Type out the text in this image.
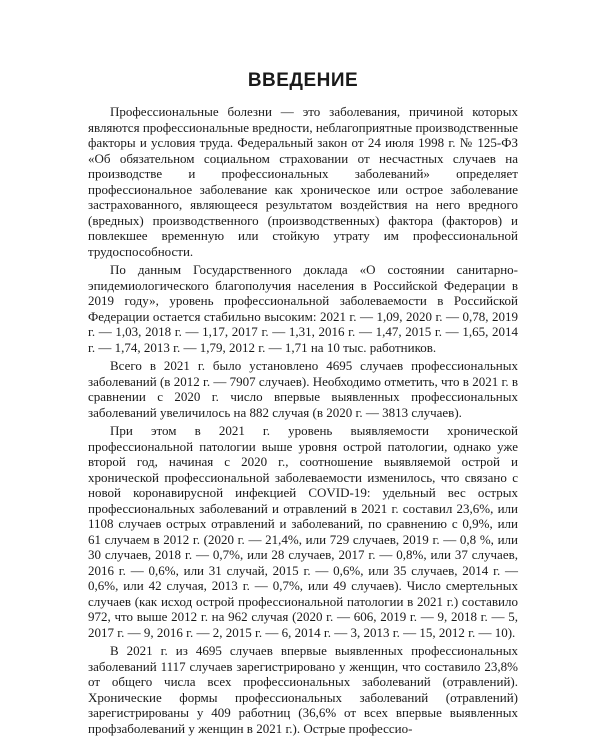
ВВЕДЕНИЕ

Профессиональные болезни — это заболевания, причиной которых являются профессиональные вредности, неблагоприятные производственные факторы и условия труда. Федеральный закон от 24 июля 1998 г. № 125-ФЗ «Об обязательном социальном страховании от несчастных случаев на производстве и профессиональных заболеваний» определяет профессиональное заболевание как хроническое или острое заболевание застрахованного, являющееся результатом воздействия на него вредного (вредных) производственного (производственных) фактора (факторов) и повлекшее временную или стойкую утрату им профессиональной трудоспособности.

По данным Государственного доклада «О состоянии санитарно-эпидемиологического благополучия населения в Российской Федерации в 2019 году», уровень профессиональной заболеваемости в Российской Федерации остается стабильно высоким: 2021 г. — 1,09, 2020 г. — 0,78, 2019 г. — 1,03, 2018 г. — 1,17, 2017 г. — 1,31, 2016 г. — 1,47, 2015 г. — 1,65, 2014 г. — 1,74, 2013 г. — 1,79, 2012 г. — 1,71 на 10 тыс. работников.

Всего в 2021 г. было установлено 4695 случаев профессиональных заболеваний (в 2012 г. — 7907 случаев). Необходимо отметить, что в 2021 г. в сравнении с 2020 г. число впервые выявленных профессиональных заболеваний увеличилось на 882 случая (в 2020 г. — 3813 случаев).

При этом в 2021 г. уровень выявляемости хронической профессиональной патологии выше уровня острой патологии, однако уже второй год, начиная с 2020 г., соотношение выявляемой острой и хронической профессиональной заболеваемости изменилось, что связано с новой коронавирусной инфекцией COVID-19: удельный вес острых профессиональных заболеваний и отравлений в 2021 г. составил 23,6%, или 1108 случаев острых отравлений и заболеваний, по сравнению с 0,9%, или 61 случаем в 2012 г. (2020 г. — 21,4%, или 729 случаев, 2019 г. — 0,8 %, или 30 случаев, 2018 г. — 0,7%, или 28 случаев, 2017 г. — 0,8%, или 37 случаев, 2016 г. — 0,6%, или 31 случай, 2015 г. — 0,6%, или 35 случаев, 2014 г. — 0,6%, или 42 случая, 2013 г. — 0,7%, или 49 случаев). Число смертельных случаев (как исход острой профессиональной патологии в 2021 г.) составило 972, что выше 2012 г. на 962 случая (2020 г. — 606, 2019 г. — 9, 2018 г. — 5, 2017 г. — 9, 2016 г. — 2, 2015 г. — 6, 2014 г. — 3, 2013 г. — 15, 2012 г. — 10).

В 2021 г. из 4695 случаев впервые выявленных профессиональных заболеваний 1117 случаев зарегистрировано у женщин, что составило 23,8% от общего числа всех профессиональных заболеваний (отравлений). Хронические формы профессиональных заболеваний (отравлений) зарегистрированы у 409 работниц (36,6% от всех впервые выявленных профзаболеваний у женщин в 2021 г.). Острые профессио-
